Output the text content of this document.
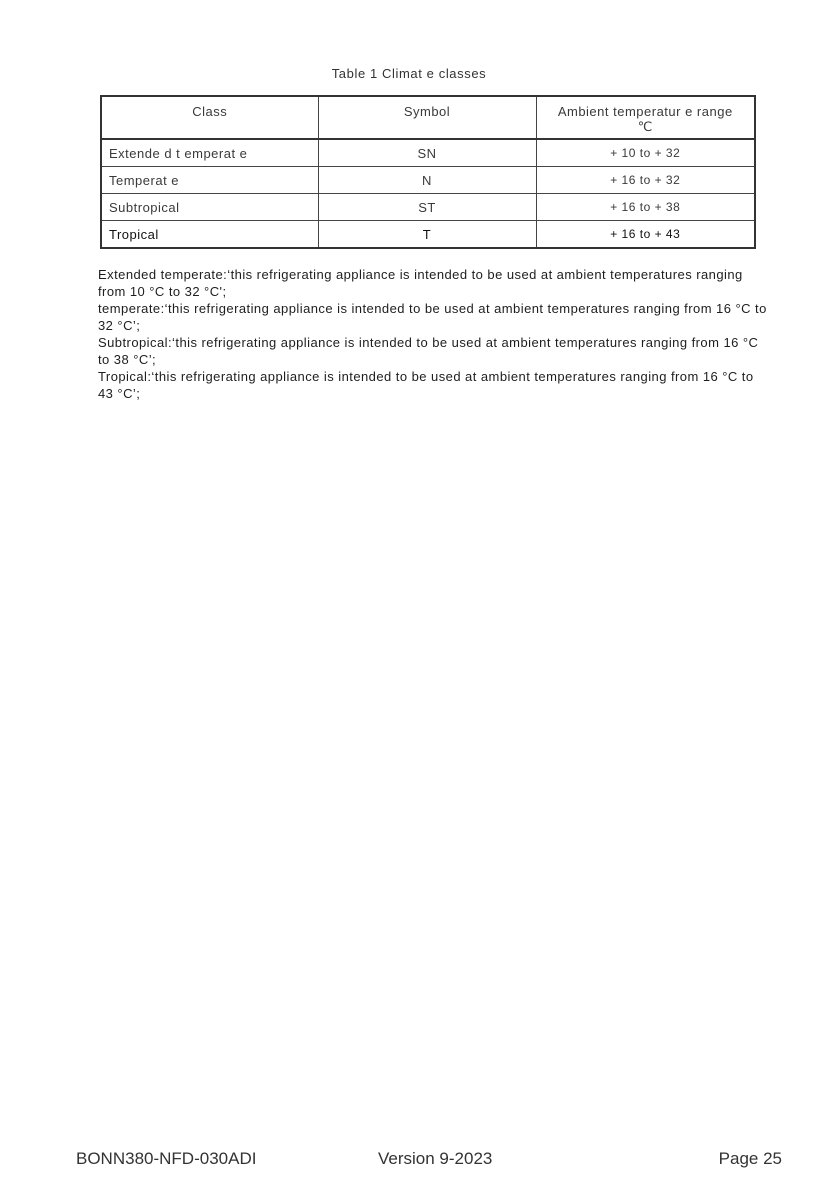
Table 1 Climat e classes
Class	Symbol	Ambient temperatur e range
℃
Extende d t emperat e	SN	+ 10 to + 32
Temperat e	N	+ 16 to + 32
Subtropical	ST	+ 16 to + 38
Tropical	T	+ 16 to + 43

Extended temperate:‘this refrigerating appliance is intended to be used at ambient temperatures ranging from 10 °C to 32 °C';

temperate:‘this refrigerating appliance is intended to be used at ambient temperatures ranging from 16 °C to 32 °C’;

Subtropical:‘this refrigerating appliance is intended to be used at ambient temperatures ranging from 16 °C to 38 °C’;

Tropical:‘this refrigerating appliance is intended to be used at ambient temperatures ranging from 16 °C to 43 °C’;

BONN380-NFD-030ADI	Version 9-2023	Page 25
